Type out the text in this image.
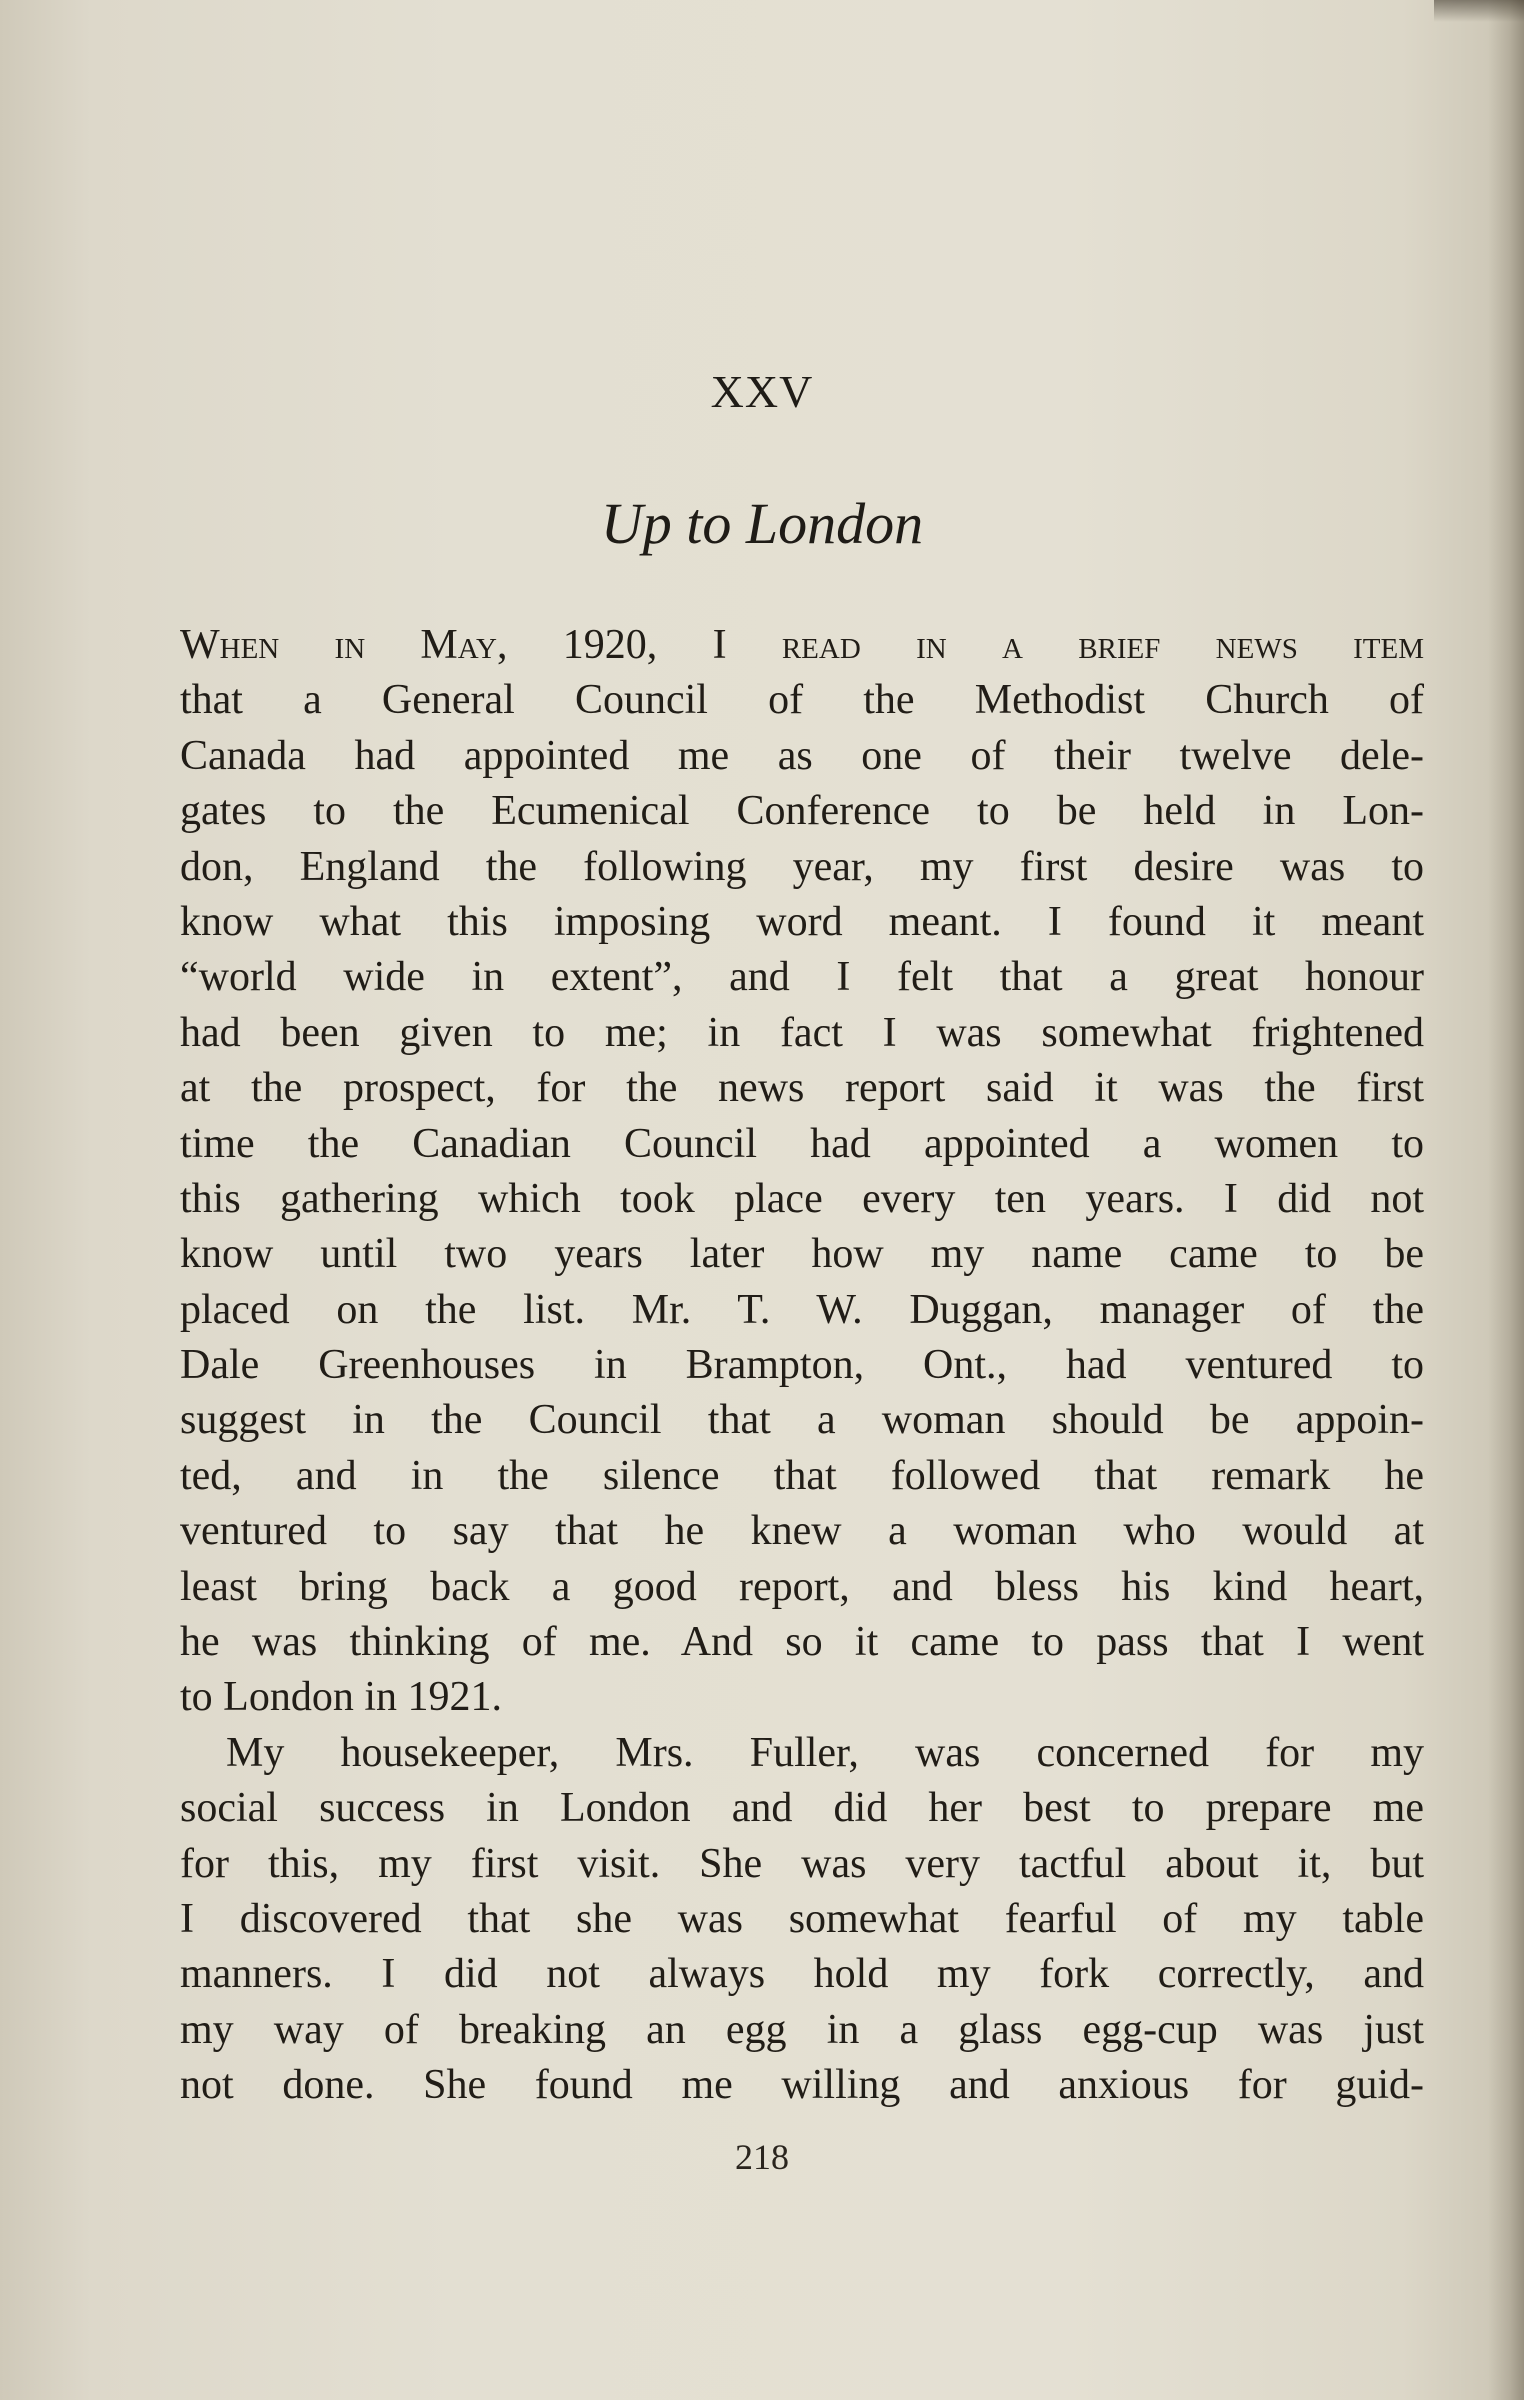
XXV
Up to London
When in May, 1920, I read in a brief news item
that a General Council of the Methodist Church of
Canada had appointed me as one of their twelve dele-
gates to the Ecumenical Conference to be held in Lon-
don, England the following year, my first desire was to
know what this imposing word meant. I found it meant
“world wide in extent”, and I felt that a great honour
had been given to me; in fact I was somewhat frightened
at the prospect, for the news report said it was the first
time the Canadian Council had appointed a women to
this gathering which took place every ten years. I did not
know until two years later how my name came to be
placed on the list. Mr. T. W. Duggan, manager of the
Dale Greenhouses in Brampton, Ont., had ventured to
suggest in the Council that a woman should be appoin-
ted, and in the silence that followed that remark he
ventured to say that he knew a woman who would at
least bring back a good report, and bless his kind heart,
he was thinking of me. And so it came to pass that I went
to London in 1921.
My housekeeper, Mrs. Fuller, was concerned for my
social success in London and did her best to prepare me
for this, my first visit. She was very tactful about it, but
I discovered that she was somewhat fearful of my table
manners. I did not always hold my fork correctly, and
my way of breaking an egg in a glass egg-cup was just
not done. She found me willing and anxious for guid-
218
